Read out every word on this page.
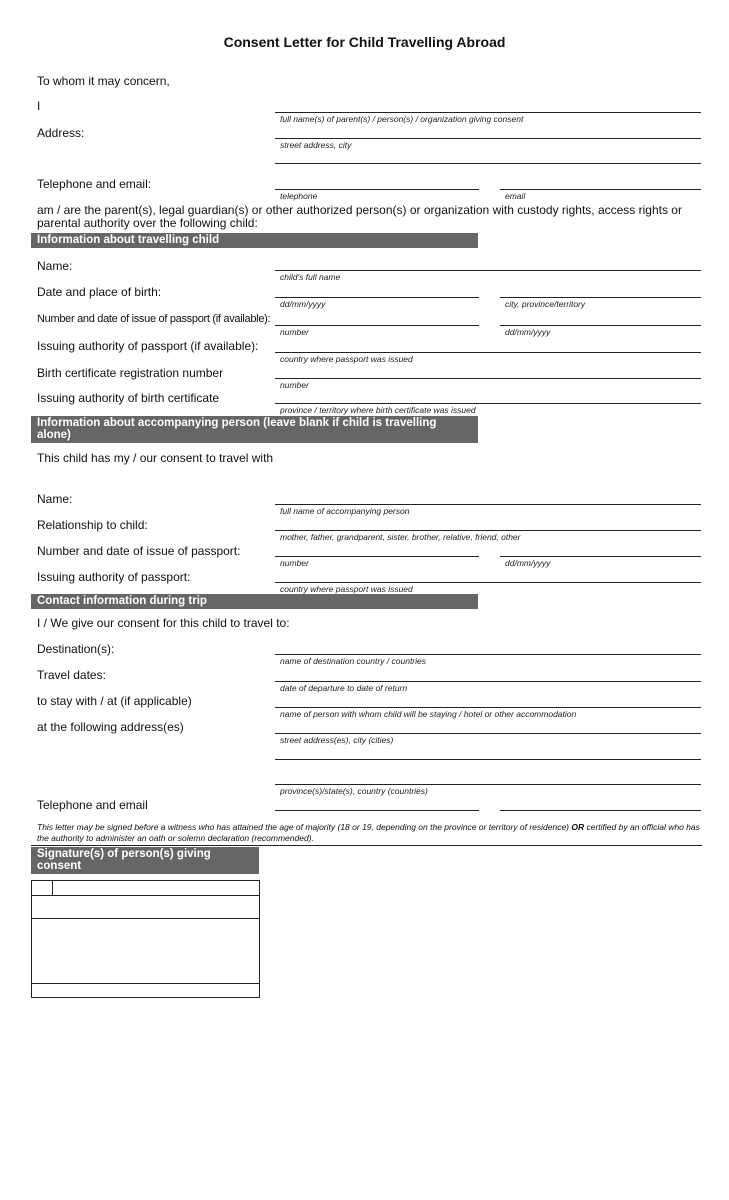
Consent Letter for Child Travelling Abroad
To whom it may concern,
I
full name(s) of parent(s) / person(s) / organization giving consent
Address:
street address, city
Telephone and email:
telephone	email
am / are the parent(s), legal guardian(s) or other authorized person(s) or organization with custody rights, access rights or parental authority over the following child:
Information about travelling child
Name:
child's full name
Date and place of birth:
dd/mm/yyyy	city, province/territory
Number and date of issue of passport (if available):
number	dd/mm/yyyy
Issuing authority of passport (if available):
country where passport was issued
Birth certificate registration number
number
Issuing authority of birth certificate
province / territory where birth certificate was issued
Information about accompanying person (leave blank if child is travelling
alone)
This child has my / our consent to travel with
Name:
full name of accompanying person
Relationship to child:
mother, father, grandparent, sister, brother, relative, friend, other
Number and date of issue of passport:
number	dd/mm/yyyy
Issuing authority of passport:
country where passport was issued
Contact information during trip
I / We give our consent for this child to travel to:
Destination(s):
name of destination country / countries
Travel dates:
date of departure to date of return
to stay with / at (if applicable)
name of person with whom child will be staying / hotel or other accommodation
at the following address(es)
street address(es), city (cities)
province(s)/state(s), country (countries)
Telephone and email
This letter may be signed before a witness who has attained the age of majority (18 or 19, depending on the province or territory of residence) OR certified by an official who has the authority to administer an oath or solemn declaration (recommended).
Signature(s) of person(s) giving
consent
